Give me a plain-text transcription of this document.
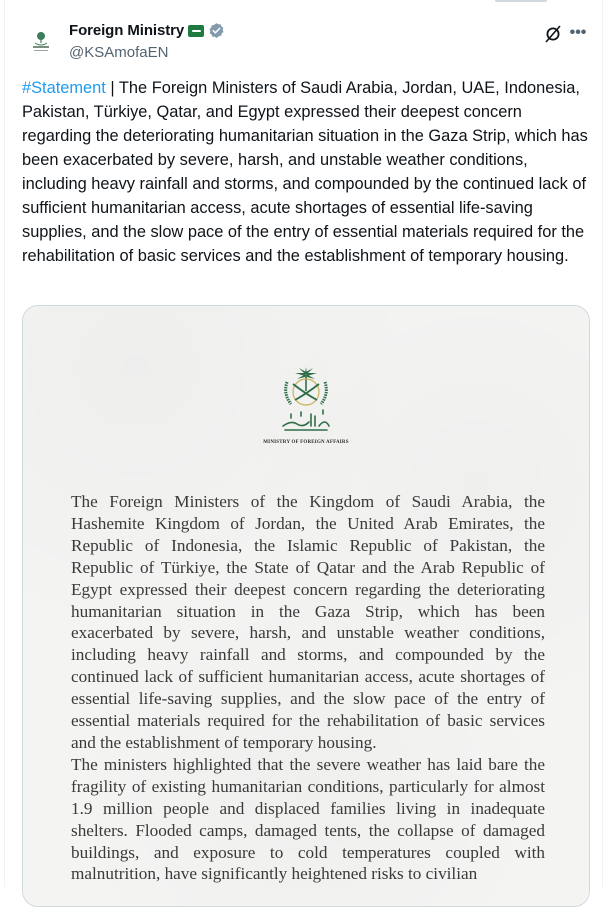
Foreign Ministry
@KSAmofaEN
•••
#Statement | The Foreign Ministers of Saudi Arabia, Jordan, UAE, Indonesia, Pakistan, Türkiye, Qatar, and Egypt expressed their deepest concern regarding the deteriorating humanitarian situation in the Gaza Strip, which has been exacerbated by severe, harsh, and unstable weather conditions, including heavy rainfall and storms, and compounded by the continued lack of sufficient humanitarian access, acute shortages of essential life-saving supplies, and the slow pace of the entry of essential materials required for the rehabilitation of basic services and the establishment of temporary housing.
MINISTRY OF FOREIGN AFFAIRS

The Foreign Ministers of the Kingdom of Saudi Arabia, the Hashemite Kingdom of Jordan, the United Arab Emirates, the Republic of Indonesia, the Islamic Republic of Pakistan, the Republic of Türkiye, the State of Qatar and the Arab Republic of Egypt expressed their deepest concern regarding the deteriorating humanitarian situation in the Gaza Strip, which has been exacerbated by severe, harsh, and unstable weather conditions, including heavy rainfall and storms, and compounded by the continued lack of sufficient humanitarian access, acute shortages of essential life-saving supplies, and the slow pace of the entry of essential materials required for the rehabilitation of basic services and the establishment of temporary housing.

The ministers highlighted that the severe weather has laid bare the fragility of existing humanitarian conditions, particularly for almost 1.9 million people and displaced families living in inadequate shelters. Flooded camps, damaged tents, the collapse of damaged buildings, and exposure to cold temperatures coupled with malnutrition, have significantly heightened risks to civilian
